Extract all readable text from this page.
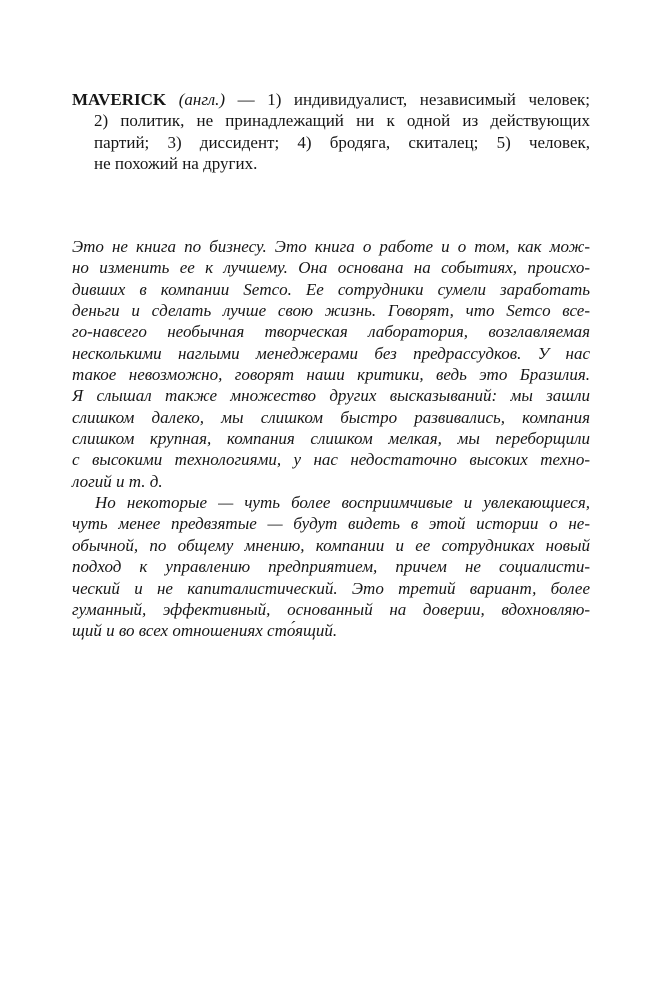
MAVERICK (англ.) — 1) индивидуалист, независимый человек;
2) политик, не принадлежащий ни к одной из действующих
партий; 3) диссидент; 4) бродяга, скиталец; 5) человек,
не похожий на других.
Это не книга по бизнесу. Это книга о работе и о том, как мож-
но изменить ее к лучшему. Она основана на событиях, происхо-
дивших в компании Semco. Ее сотрудники сумели заработать
деньги и сделать лучше свою жизнь. Говорят, что Semco все-
го-навсего необычная творческая лаборатория, возглавляемая
несколькими наглыми менеджерами без предрассудков. У нас
такое невозможно, говорят наши критики, ведь это Бразилия.
Я слышал также множество других высказываний: мы зашли
слишком далеко, мы слишком быстро развивались, компания
слишком крупная, компания слишком мелкая, мы переборщили
с высокими технологиями, у нас недостаточно высоких техно-
логий и т. д.
Но некоторые — чуть более восприимчивые и увлекающиеся,
чуть менее предвзятые — будут видеть в этой истории о не-
обычной, по общему мнению, компании и ее сотрудниках новый
подход к управлению предприятием, причем не социалисти-
ческий и не капиталистический. Это третий вариант, более
гуманный, эффективный, основанный на доверии, вдохновляю-
щий и во всех отношениях сто́ящий.
